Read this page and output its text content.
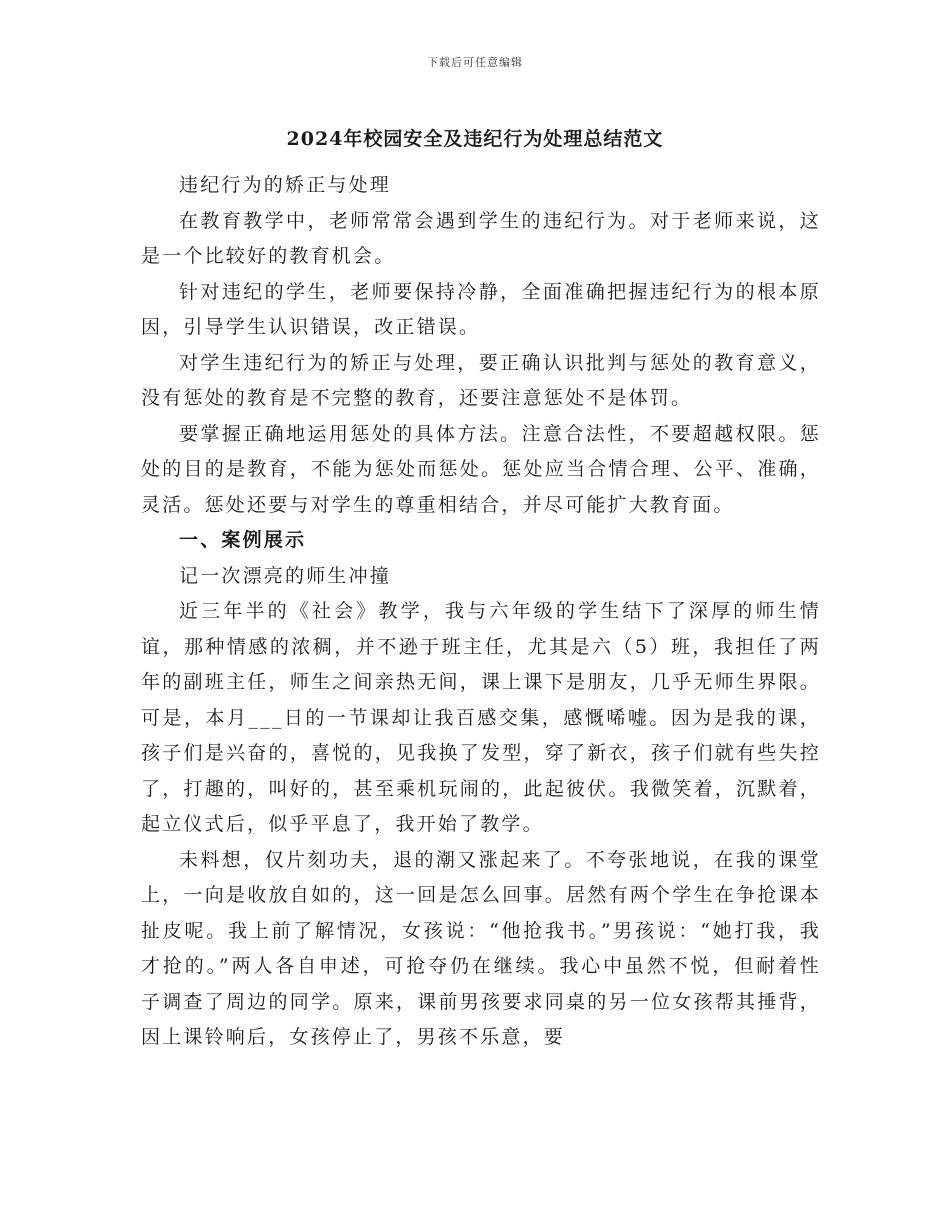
下载后可任意编辑
2024年校园安全及违纪行为处理总结范文

违纪行为的矫正与处理

在教育教学中，老师常常会遇到学生的违纪行为。对于老师来说，这是一个比较好的教育机会。

针对违纪的学生，老师要保持冷静，全面准确把握违纪行为的根本原因，引导学生认识错误，改正错误。

对学生违纪行为的矫正与处理，要正确认识批判与惩处的教育意义，没有惩处的教育是不完整的教育，还要注意惩处不是体罚。

要掌握正确地运用惩处的具体方法。注意合法性，不要超越权限。惩处的目的是教育，不能为惩处而惩处。惩处应当合情合理、公平、准确，灵活。惩处还要与对学生的尊重相结合，并尽可能扩大教育面。

一、案例展示

记一次漂亮的师生冲撞

近三年半的《社会》教学，我与六年级的学生结下了深厚的师生情谊，那种情感的浓稠，并不逊于班主任，尤其是六（5）班，我担任了两年的副班主任，师生之间亲热无间，课上课下是朋友，几乎无师生界限。可是，本月___日的一节课却让我百感交集，感慨唏嘘。因为是我的课，孩子们是兴奋的，喜悦的，见我换了发型，穿了新衣，孩子们就有些失控了，打趣的，叫好的，甚至乘机玩闹的，此起彼伏。我微笑着，沉默着，起立仪式后，似乎平息了，我开始了教学。

未料想，仅片刻功夫，退的潮又涨起来了。不夸张地说，在我的课堂上，一向是收放自如的，这一回是怎么回事。居然有两个学生在争抢课本扯皮呢。我上前了解情况，女孩说：“他抢我书。”男孩说：“她打我，我才抢的。”两人各自申述，可抢夺仍在继续。我心中虽然不悦，但耐着性子调查了周边的同学。原来，课前男孩要求同桌的另一位女孩帮其捶背，因上课铃响后，女孩停止了，男孩不乐意，要
